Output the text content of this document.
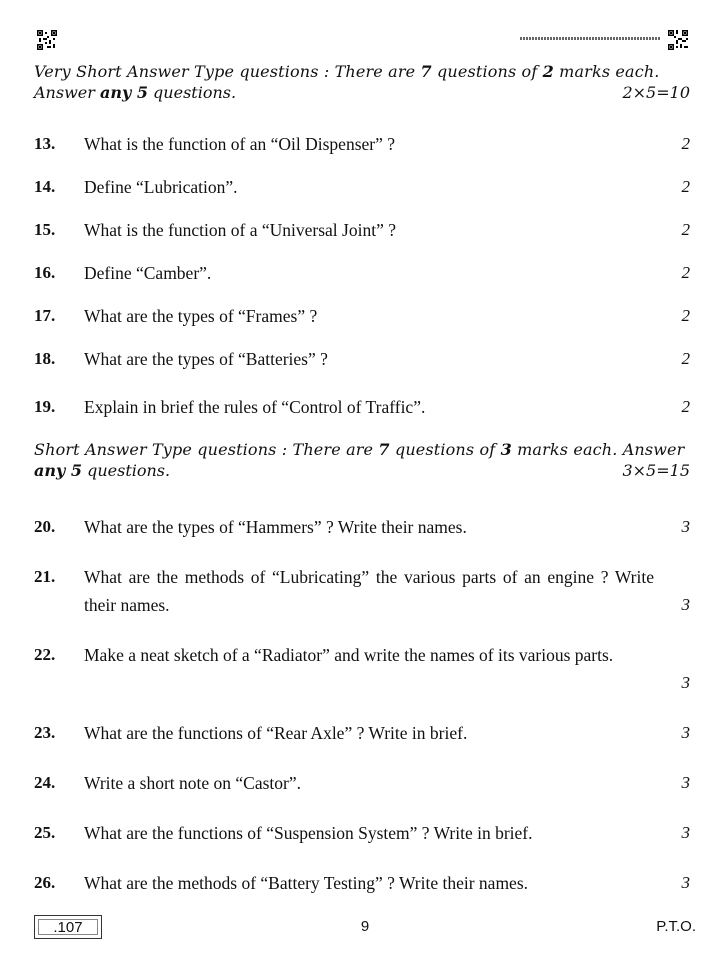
Very Short Answer Type questions : There are 7 questions of 2 marks each.
Answer any 5 questions.	2×5=10
13. What is the function of an “Oil Dispenser” ?	2
14. Define “Lubrication”.	2
15. What is the function of a “Universal Joint” ?	2
16. Define “Camber”.	2
17. What are the types of “Frames” ?	2
18. What are the types of “Batteries” ?	2
19. Explain in brief the rules of “Control of Traffic”.	2
Short Answer Type questions : There are 7 questions of 3 marks each. Answer
any 5 questions.	3×5=15
20. What are the types of “Hammers” ? Write their names.	3
21. What are the methods of “Lubricating” the various parts of an engine ? Write their names.	3
22. Make a neat sketch of a “Radiator” and write the names of its various parts.
3
23. What are the functions of “Rear Axle” ? Write in brief.	3
24. Write a short note on “Castor”.	3
25. What are the functions of “Suspension System” ? Write in brief.	3
26. What are the methods of “Battery Testing” ? Write their names.	3
.107	9	P.T.O.
